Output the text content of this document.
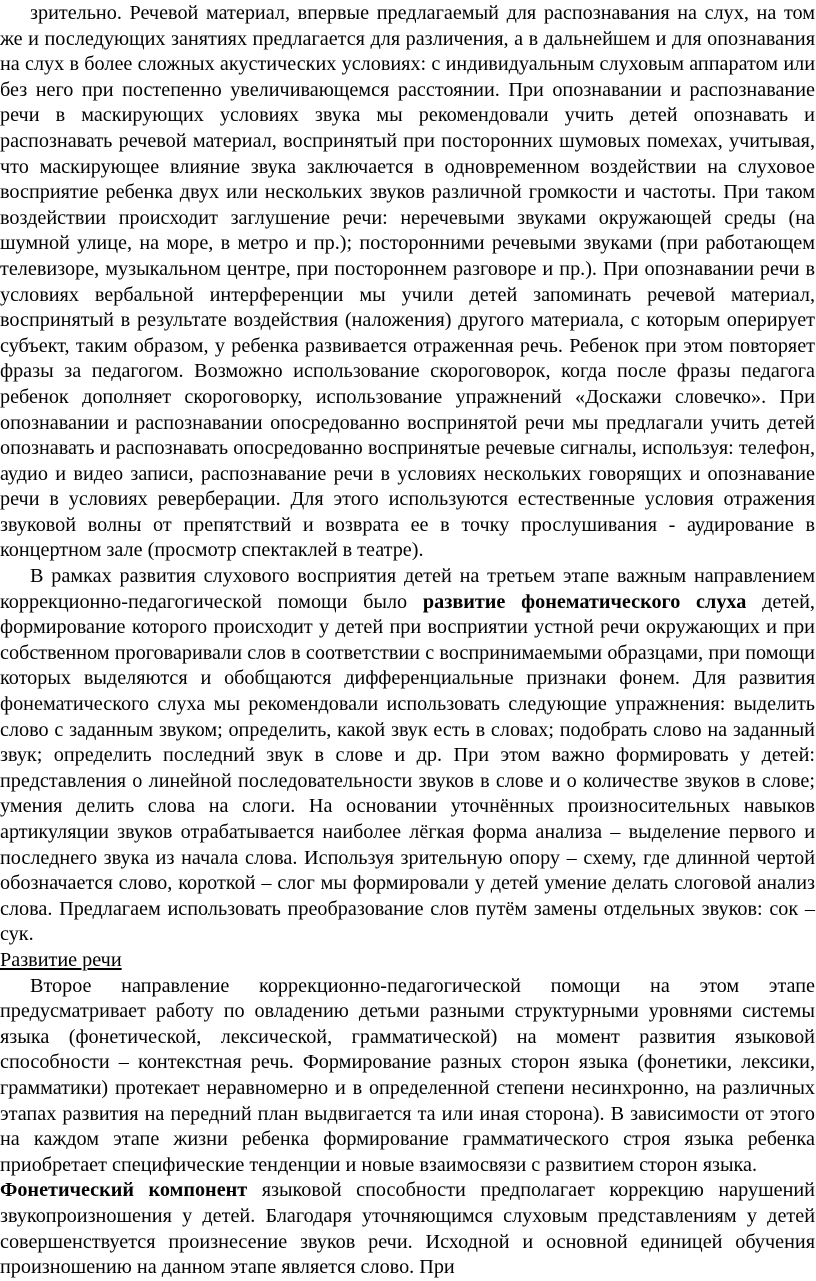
зрительно. Речевой материал, впервые предлагаемый для распознавания на слух, на том же и последующих занятиях предлагается для различения, а в дальнейшем и для опознавания на слух в более сложных акустических условиях: с индивидуальным слуховым аппаратом или без него при постепенно увеличивающемся расстоянии. При опознавании и распознавание речи в маскирующих условиях звука мы рекомендовали учить детей опознавать и распознавать речевой материал, воспринятый при посторонних шумовых помехах, учитывая, что маскирующее влияние звука заключается в одновременном воздействии на слуховое восприятие ребенка двух или нескольких звуков различной громкости и частоты. При таком воздействии происходит заглушение речи: неречевыми звуками окружающей среды (на шумной улице, на море, в метро и пр.); посторонними речевыми звуками (при работающем телевизоре, музыкальном центре, при постороннем разговоре и пр.). При опознавании речи в условиях вербальной интерференции мы учили детей запоминать речевой материал, воспринятый в результате воздействия (наложения) другого материала, с которым оперирует субъект, таким образом, у ребенка развивается отраженная речь. Ребенок при этом повторяет фразы за педагогом. Возможно использование скороговорок, когда после фразы педагога ребенок дополняет скороговорку, использование упражнений «Доскажи словечко». При опознавании и распознавании опосредованно воспринятой речи мы предлагали учить детей опознавать и распознавать опосредованно воспринятые речевые сигналы, используя: телефон, аудио и видео записи, распознавание речи в условиях нескольких говорящих и опознавание речи в условиях реверберации. Для этого используются естественные условия отражения звуковой волны от препятствий и возврата ее в точку прослушивания - аудирование в концертном зале (просмотр спектаклей в театре).

В рамках развития слухового восприятия детей на третьем этапе важным направлением коррекционно-педагогической помощи было развитие фонематического слуха детей, формирование которого происходит у детей при восприятии устной речи окружающих и при собственном проговаривали слов в соответствии с воспринимаемыми образцами, при помощи которых выделяются и обобщаются дифференциальные признаки фонем. Для развития фонематического слуха мы рекомендовали использовать следующие упражнения: выделить слово с заданным звуком; определить, какой звук есть в словах; подобрать слово на заданный звук; определить последний звук в слове и др. При этом важно формировать у детей: представления о линейной последовательности звуков в слове и о количестве звуков в слове; умения делить слова на слоги. На основании уточнённых произносительных навыков артикуляции звуков отрабатывается наиболее лёгкая форма анализа – выделение первого и последнего звука из начала слова. Используя зрительную опору – схему, где длинной чертой обозначается слово, короткой – слог мы формировали у детей умение делать слоговой анализ слова. Предлагаем использовать преобразование слов путём замены отдельных звуков: сок – сук.

Развитие речи

Второе направление коррекционно-педагогической помощи на этом этапе предусматривает работу по овладению детьми разными структурными уровнями системы языка (фонетической, лексической, грамматической) на момент развития языковой способности – контекстная речь. Формирование разных сторон языка (фонетики, лексики, грамматики) протекает неравномерно и в определенной степени несинхронно, на различных этапах развития на передний план выдвигается та или иная сторона). В зависимости от этого на каждом этапе жизни ребенка формирование грамматического строя языка ребенка приобретает специфические тенденции и новые взаимосвязи с развитием сторон языка.

Фонетический компонент языковой способности предполагает коррекцию нарушений звукопроизношения у детей. Благодаря уточняющимся слуховым представлениям у детей совершенствуется произнесение звуков речи. Исходной и основной единицей обучения произношению на данном этапе является слово. При
